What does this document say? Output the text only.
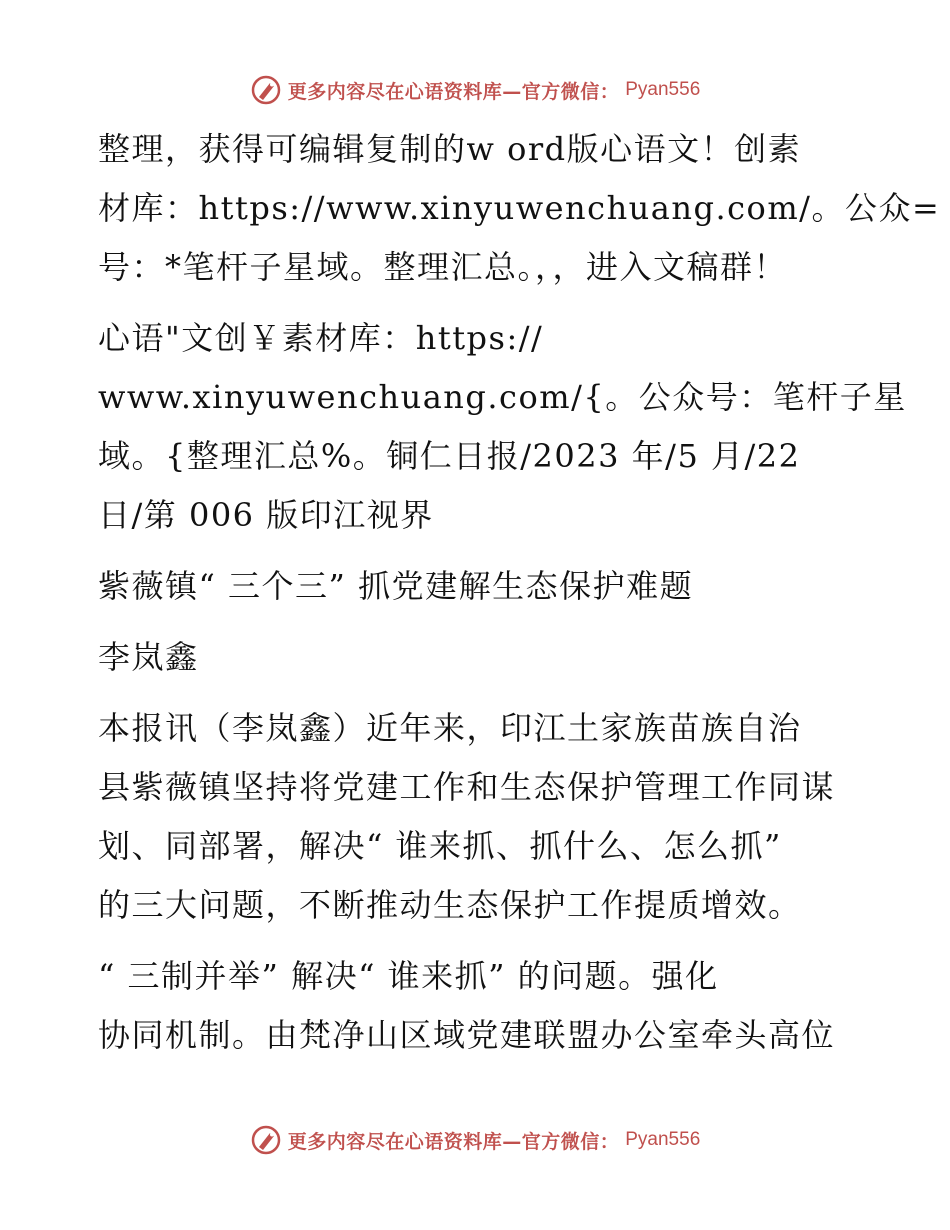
更多内容尽在心语资料库—官方微信： Pyan556

整理，获得可编辑复制的w ord版心语文！创素

材库：https://www.xinyuwenchuang.com/。公众=

号：*笔杆子星域。整理汇总。，，进入文稿群！

心语"文创￥素材库：https://

www.xinyuwenchuang.com/{。公众号：笔杆子星

域。{整理汇总%。铜仁日报/2023 年/5 月/22

日/第 006 版印江视界

紫薇镇“ 三个三” 抓党建解生态保护难题

李岚鑫

本报讯（李岚鑫）近年来，印江土家族苗族自治

县紫薇镇坚持将党建工作和生态保护管理工作同谋

划、同部署，解决“ 谁来抓、抓什么、怎么抓”

的三大问题，不断推动生态保护工作提质增效。

“ 三制并举” 解决“ 谁来抓” 的问题。强化

协同机制。由梵净山区域党建联盟办公室牵头高位

更多内容尽在心语资料库—官方微信： Pyan556
